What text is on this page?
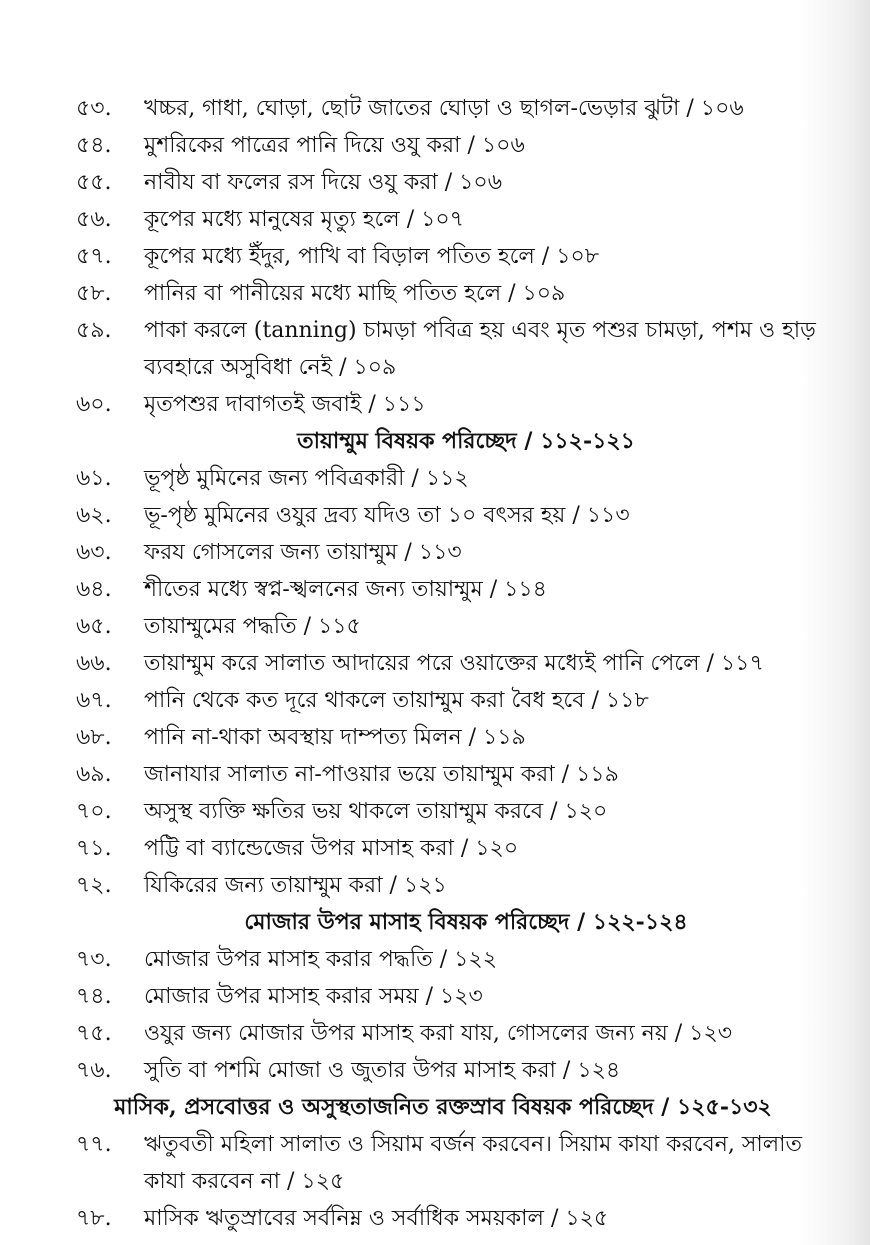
৫৩.	খচ্চর, গাধা, ঘোড়া, ছোট জাতের ঘোড়া ও ছাগল-ভেড়ার ঝুটা / ১০৬
৫৪.	মুশরিকের পাত্রের পানি দিয়ে ওযু করা / ১০৬
৫৫.	নাবীয বা ফলের রস দিয়ে ওযু করা / ১০৬
৫৬.	কূপের মধ্যে মানুষের মৃত্যু হলে / ১০৭
৫৭.	কূপের মধ্যে ইঁদুর, পাখি বা বিড়াল পতিত হলে / ১০৮
৫৮.	পানির বা পানীয়ের মধ্যে মাছি পতিত হলে / ১০৯
৫৯.	পাকা করলে (tanning) চামড়া পবিত্র হয় এবং মৃত পশুর চামড়া, পশম ও হাড় ব্যবহারে অসুবিধা নেই / ১০৯
৬০.	মৃতপশুর দাবাগতই জবাই / ১১১
তায়াম্মুম বিষয়ক পরিচ্ছেদ / ১১২-১২১
৬১.	ভূপৃষ্ঠ মুমিনের জন্য পবিত্রকারী / ১১২
৬২.	ভূ-পৃষ্ঠ মুমিনের ওযুর দ্রব্য যদিও তা ১০ বৎসর হয় / ১১৩
৬৩.	ফরয গোসলের জন্য তায়াম্মুম / ১১৩
৬৪.	শীতের মধ্যে স্বপ্ন-স্খলনের জন্য তায়াম্মুম / ১১৪
৬৫.	তায়াম্মুমের পদ্ধতি / ১১৫
৬৬.	তায়াম্মুম করে সালাত আদায়ের পরে ওয়াক্তের মধ্যেই পানি পেলে / ১১৭
৬৭.	পানি থেকে কত দূরে থাকলে তায়াম্মুম করা বৈধ হবে / ১১৮
৬৮.	পানি না-থাকা অবস্থায় দাম্পত্য মিলন / ১১৯
৬৯.	জানাযার সালাত না-পাওয়ার ভয়ে তায়াম্মুম করা / ১১৯
৭০.	অসুস্থ ব্যক্তি ক্ষতির ভয় থাকলে তায়াম্মুম করবে / ১২০
৭১.	পট্টি বা ব্যান্ডেজের উপর মাসাহ করা / ১২০
৭২.	যিকিরের জন্য তায়াম্মুম করা / ১২১
মোজার উপর মাসাহ বিষয়ক পরিচ্ছেদ / ১২২-১২৪
৭৩.	মোজার উপর মাসাহ করার পদ্ধতি / ১২২
৭৪.	মোজার উপর মাসাহ করার সময় / ১২৩
৭৫.	ওযুর জন্য মোজার উপর মাসাহ করা যায়, গোসলের জন্য নয় / ১২৩
৭৬.	সুতি বা পশমি মোজা ও জুতার উপর মাসাহ করা / ১২৪
মাসিক, প্রসবোত্তর ও অসুস্থতাজনিত রক্তস্রাব বিষয়ক পরিচ্ছেদ / ১২৫-১৩২
৭৭.	ঋতুবতী মহিলা সালাত ও সিয়াম বর্জন করবেন। সিয়াম কাযা করবেন, সালাত কাযা করবেন না / ১২৫
৭৮.	মাসিক ঋতুস্রাবের সর্বনিম্ন ও সর্বাধিক সময়কাল / ১২৫
